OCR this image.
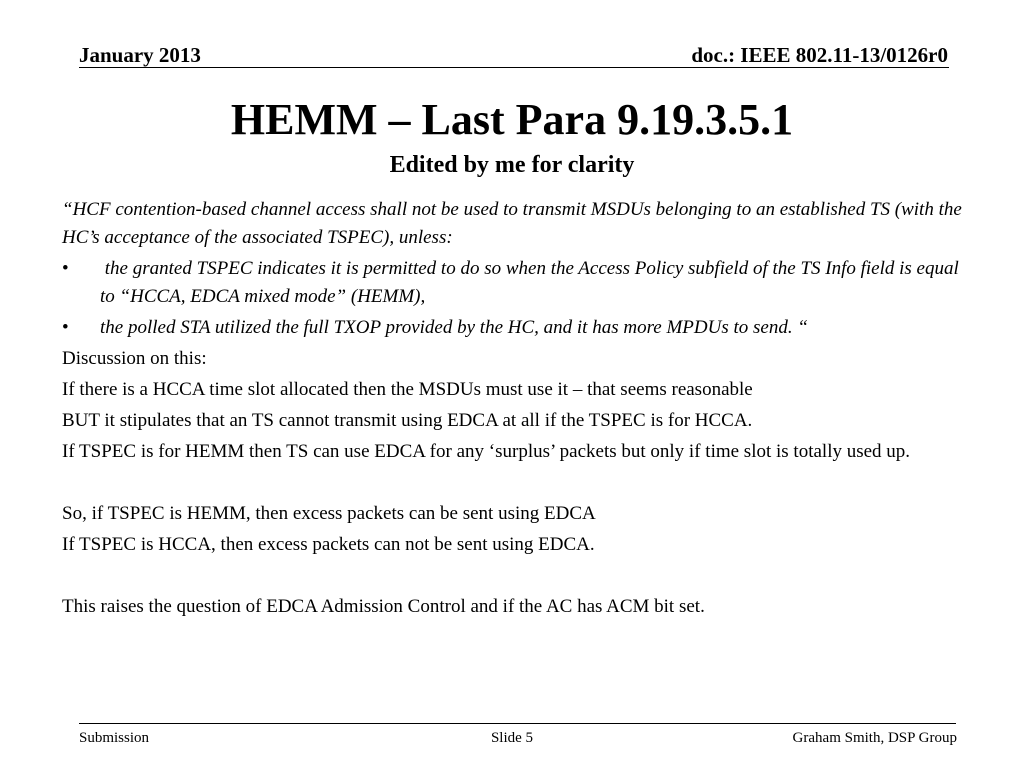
January 2013	doc.: IEEE 802.11-13/0126r0
HEMM – Last Para 9.19.3.5.1
Edited by me for clarity

“HCF contention-based channel access shall not be used to transmit MSDUs belonging to an established TS (with the HC’s acceptance of the associated TSPEC), unless:

•	the granted TSPEC indicates it is permitted to do so when the Access Policy subfield of the TS Info field is equal to “HCCA, EDCA mixed mode” (HEMM),
•	the polled STA utilized the full TXOP provided by the HC, and it has more MPDUs to send. “

Discussion on this:

If there is a HCCA time slot allocated then the MSDUs must use it – that seems reasonable

BUT it stipulates that an TS cannot transmit using EDCA at all if the TSPEC is for HCCA.

If TSPEC is for HEMM then TS can use EDCA for any ‘surplus’ packets but only if time slot is totally used up.

So, if TSPEC is HEMM, then excess packets can be sent using EDCA

If TSPEC is HCCA, then excess packets can not be sent using EDCA.

This raises the question of EDCA Admission Control and if the AC has ACM bit set.

Submission	Slide 5	Graham Smith, DSP Group
